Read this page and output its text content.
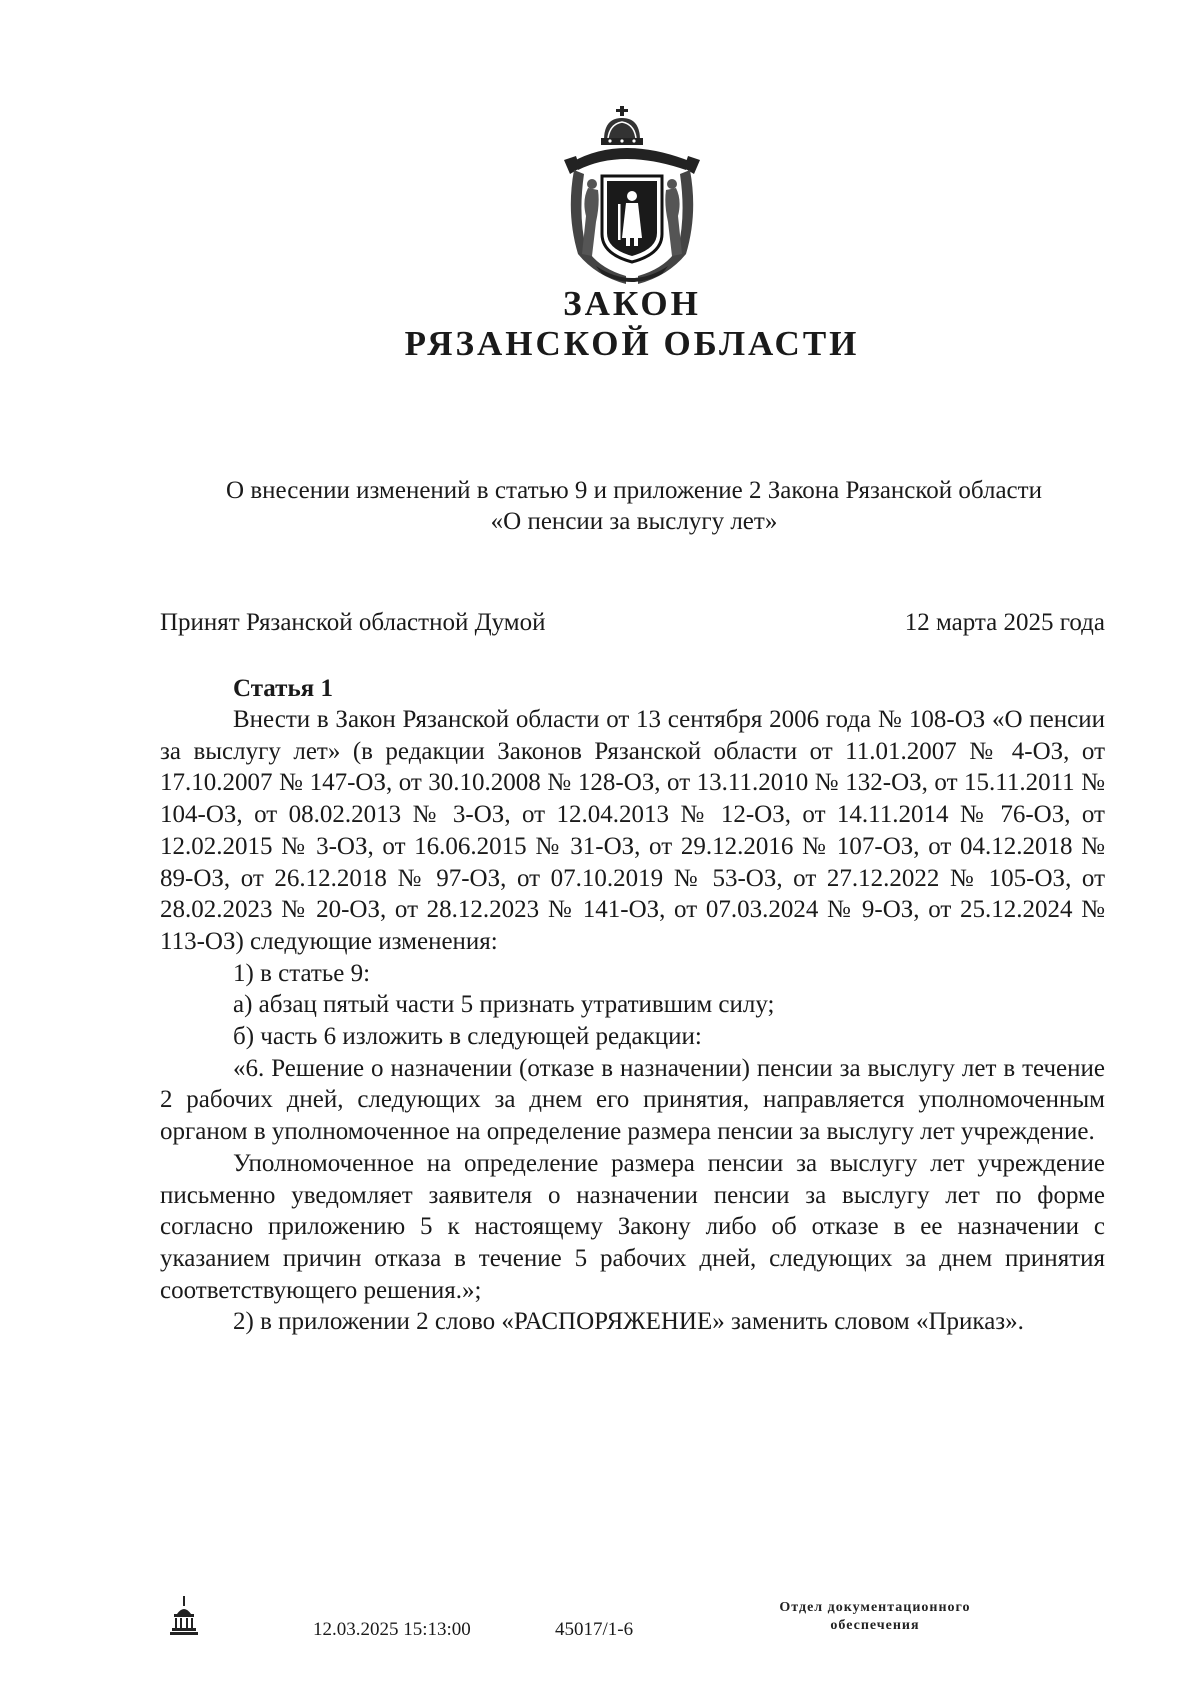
ЗАКОН
РЯЗАНСКОЙ ОБЛАСТИ
О внесении изменений в статью 9 и приложение 2 Закона Рязанской области
«О пенсии за выслугу лет»
Принят Рязанской областной Думой	12 марта 2025 года
Статья 1

Внести в Закон Рязанской области от 13 сентября 2006 года № 108-ОЗ «О пенсии за выслугу лет» (в редакции Законов Рязанской области от 11.01.2007 № 4-ОЗ, от 17.10.2007 № 147-ОЗ, от 30.10.2008 № 128-ОЗ, от 13.11.2010 № 132-ОЗ, от 15.11.2011 № 104-ОЗ, от 08.02.2013 № 3-ОЗ, от 12.04.2013 № 12-ОЗ, от 14.11.2014 № 76-ОЗ, от 12.02.2015 № 3-ОЗ, от 16.06.2015 № 31-ОЗ, от 29.12.2016 № 107-ОЗ, от 04.12.2018 № 89-ОЗ, от 26.12.2018 № 97-ОЗ, от 07.10.2019 № 53-ОЗ, от 27.12.2022 № 105-ОЗ, от 28.02.2023 № 20-ОЗ, от 28.12.2023 № 141-ОЗ, от 07.03.2024 № 9-ОЗ, от 25.12.2024 № 113-ОЗ) следующие изменения:

1) в статье 9:

а) абзац пятый части 5 признать утратившим силу;

б) часть 6 изложить в следующей редакции:

«6. Решение о назначении (отказе в назначении) пенсии за выслугу лет в течение 2 рабочих дней, следующих за днем его принятия, направляется уполномоченным органом в уполномоченное на определение размера пенсии за выслугу лет учреждение.

Уполномоченное на определение размера пенсии за выслугу лет учреждение письменно уведомляет заявителя о назначении пенсии за выслугу лет по форме согласно приложению 5 к настоящему Закону либо об отказе в ее назначении с указанием причин отказа в течение 5 рабочих дней, следующих за днем принятия соответствующего решения.»;

2) в приложении 2 слово «РАСПОРЯЖЕНИЕ» заменить словом «Приказ».

12.03.2025 15:13:00	45017/1-6
Отдел документационного
обеспечения
